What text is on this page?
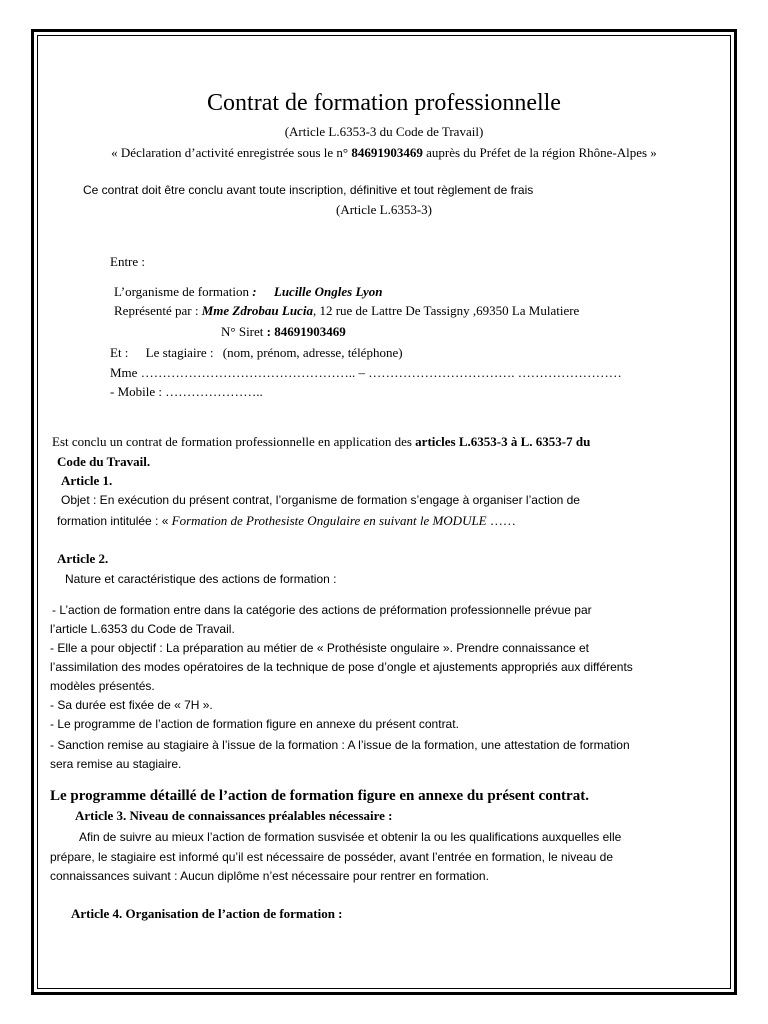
Contrat de formation professionnelle
(Article L.6353-3 du Code de Travail)
« Déclaration d’activité enregistrée sous le n° 84691903469 auprès du Préfet de la région Rhône-Alpes »
Ce contrat doit être conclu avant toute inscription, définitive et tout règlement de frais
(Article L.6353-3)
Entre :
L’organisme de formation : Lucille Ongles Lyon
Représenté par : Mme Zdrobau Lucia, 12 rue de Lattre De Tassigny ,69350 La Mulatiere
N° Siret : 84691903469
Et : Le stagiaire : (nom, prénom, adresse, téléphone)
Mme ………………………………………….. – ……………………………. ……………………
- Mobile : …………………..
Est conclu un contrat de formation professionnelle en application des articles L.6353-3 à L. 6353-7 du
Code du Travail.
Article 1.
Objet : En exécution du présent contrat, l’organisme de formation s’engage à organiser l’action de
formation intitulée : « Formation de Prothesiste Ongulaire en suivant le MODULE ……
Article 2.
Nature et caractéristique des actions de formation :
- L’action de formation entre dans la catégorie des actions de préformation professionnelle prévue par
l’article L.6353 du Code de Travail.
- Elle a pour objectif : La préparation au métier de « Prothésiste ongulaire ». Prendre connaissance et
l’assimilation des modes opératoires de la technique de pose d’ongle et ajustements appropriés aux différents
modèles présentés.
- Sa durée est fixée de « 7H ».
- Le programme de l’action de formation figure en annexe du présent contrat.
- Sanction remise au stagiaire à l’issue de la formation : A l’issue de la formation, une attestation de formation
sera remise au stagiaire.
Le programme détaillé de l’action de formation figure en annexe du présent contrat.
Article 3. Niveau de connaissances préalables nécessaire :
Afin de suivre au mieux l’action de formation susvisée et obtenir la ou les qualifications auxquelles elle
prépare, le stagiaire est informé qu’il est nécessaire de posséder, avant l’entrée en formation, le niveau de
connaissances suivant : Aucun diplôme n’est nécessaire pour rentrer en formation.
Article 4. Organisation de l’action de formation :
